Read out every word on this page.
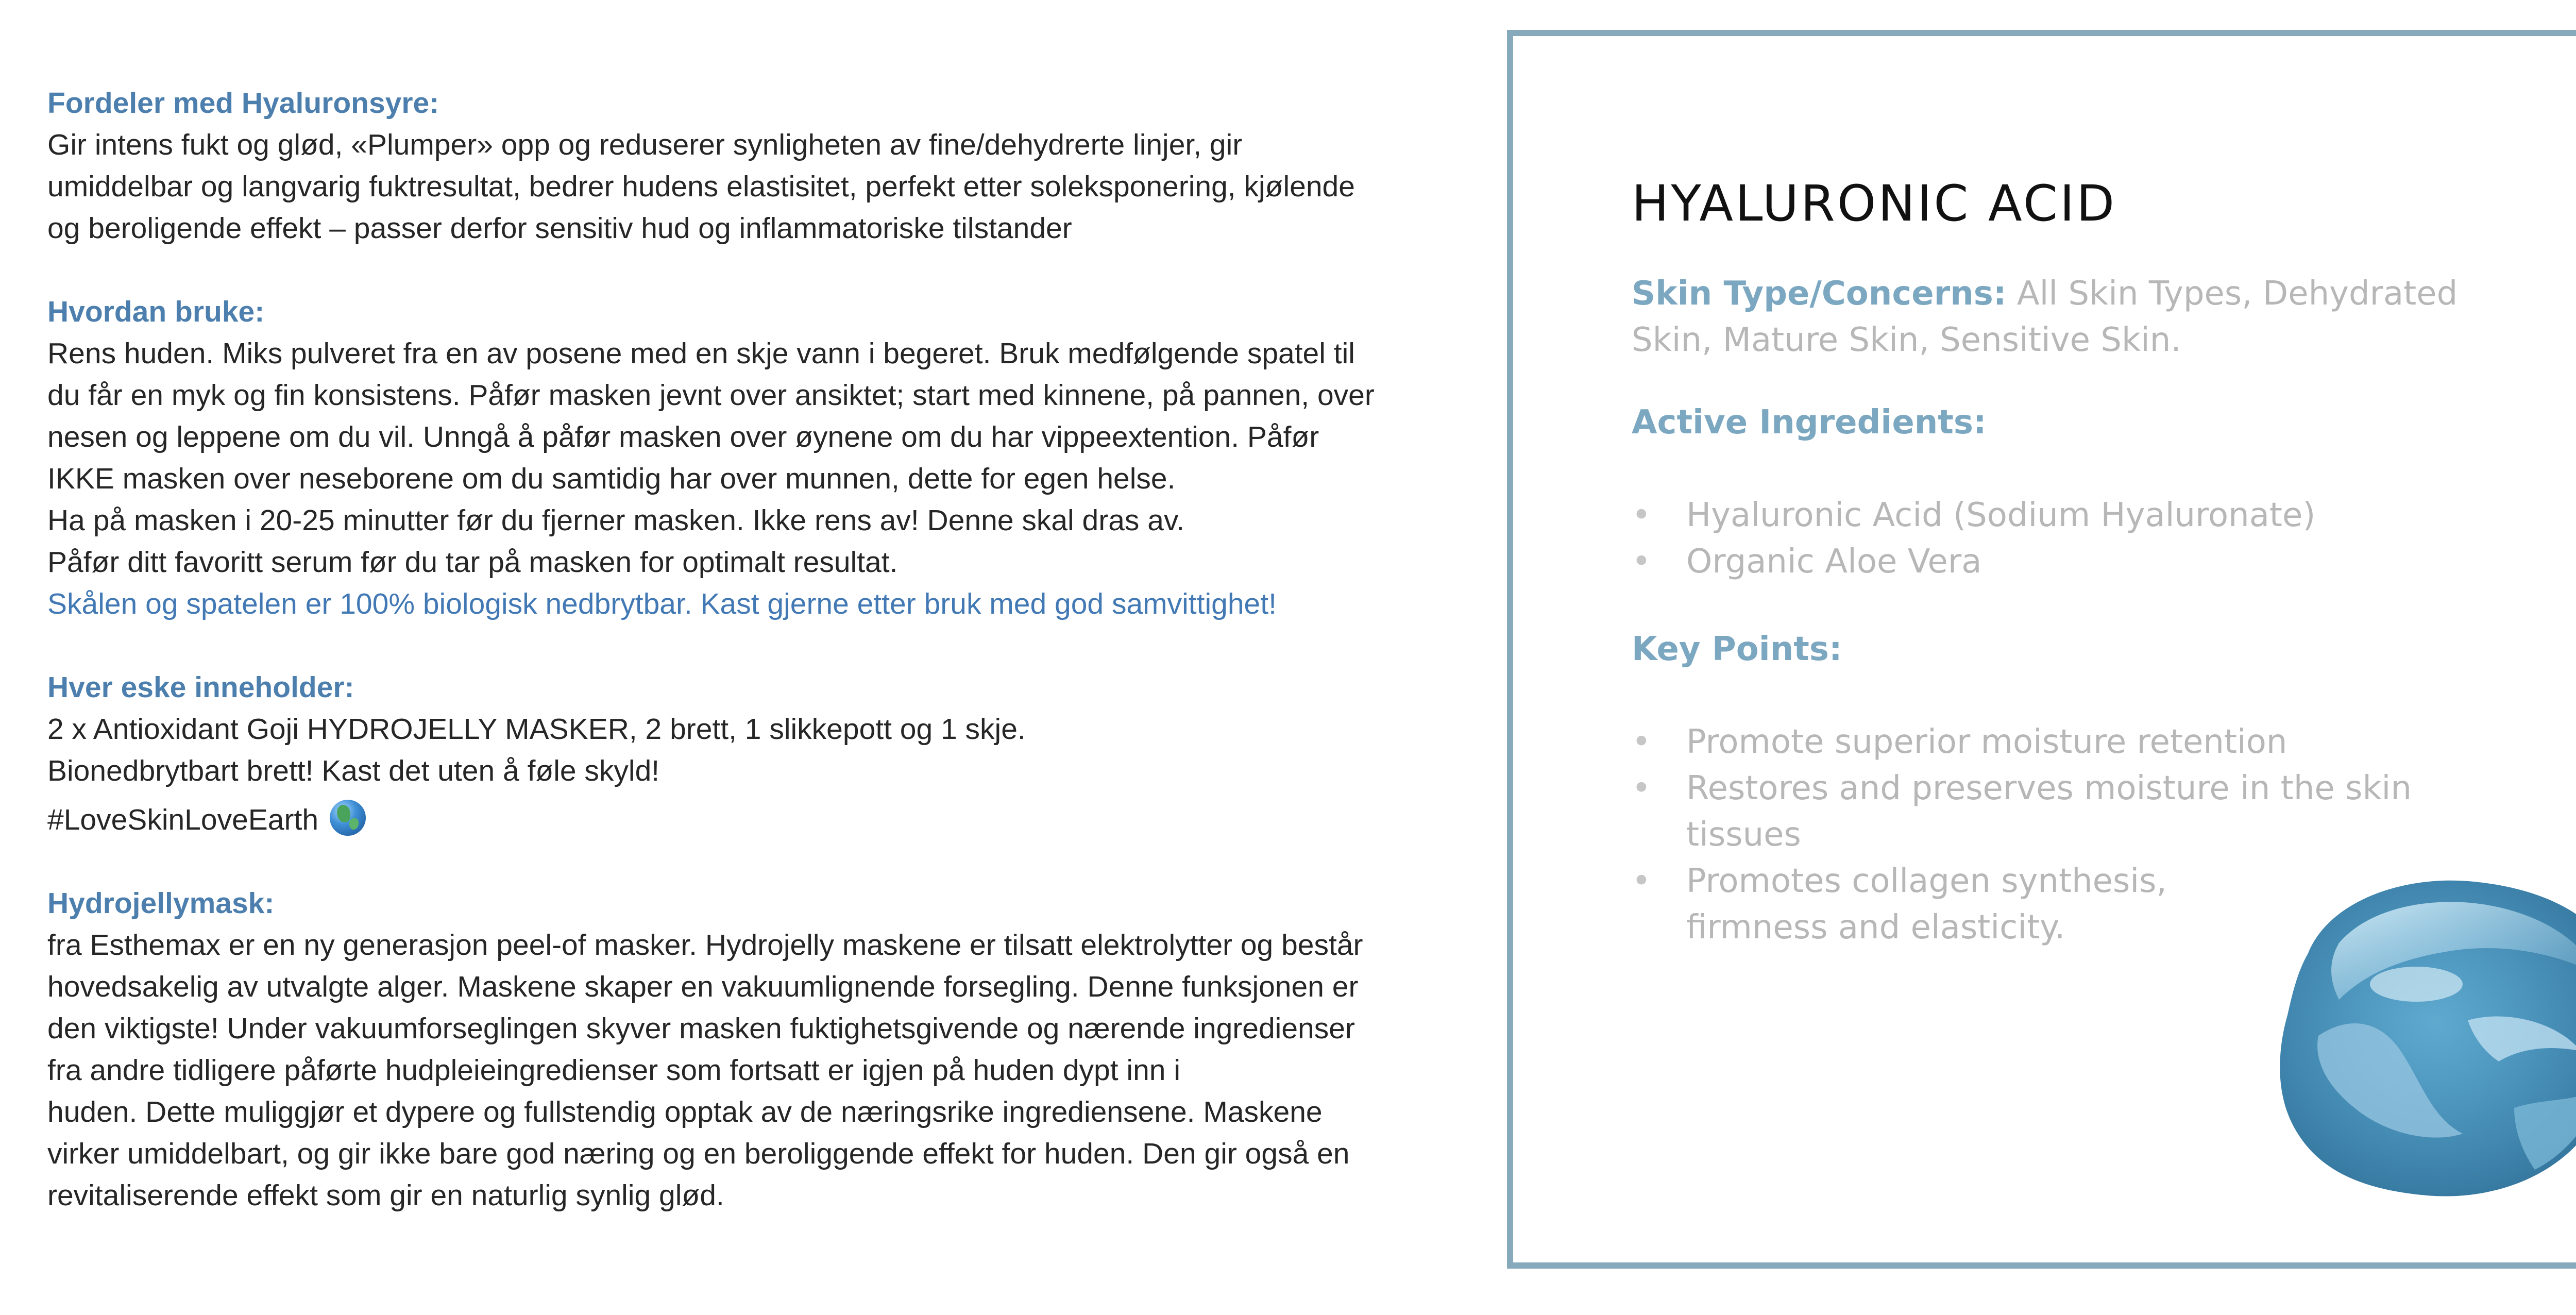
Fordeler med Hyaluronsyre:
Gir intens fukt og glød, «Plumper» opp og reduserer synligheten av fine/dehydrerte linjer, gir
umiddelbar og langvarig fuktresultat, bedrer hudens elastisitet, perfekt etter soleksponering, kjølende
og beroligende effekt – passer derfor sensitiv hud og inflammatoriske tilstander
Hvordan bruke:
Rens huden. Miks pulveret fra en av posene med en skje vann i begeret. Bruk medfølgende spatel til
du får en myk og fin konsistens. Påfør masken jevnt over ansiktet; start med kinnene, på pannen, over
nesen og leppene om du vil. Unngå å påfør masken over øynene om du har vippeextention. Påfør
IKKE masken over neseborene om du samtidig har over munnen, dette for egen helse.
Ha på masken i 20-25 minutter før du fjerner masken. Ikke rens av! Denne skal dras av.
Påfør ditt favoritt serum før du tar på masken for optimalt resultat.
Skålen og spatelen er 100% biologisk nedbrytbar. Kast gjerne etter bruk med god samvittighet!
Hver eske inneholder:
2 x Antioxidant Goji HYDROJELLY MASKER, 2 brett, 1 slikkepott og 1 skje.
Bionedbrytbart brett! Kast det uten å føle skyld!
#LoveSkinLoveEarth
Hydrojellymask:
fra Esthemax er en ny generasjon peel-of masker. Hydrojelly maskene er tilsatt elektrolytter og består
hovedsakelig av utvalgte alger. Maskene skaper en vakuumlignende forsegling. Denne funksjonen er
den viktigste! Under vakuumforseglingen skyver masken fuktighetsgivende og nærende ingredienser
fra andre tidligere påførte hudpleieingredienser som fortsatt er igjen på huden dypt inn i
huden. Dette muliggjør et dypere og fullstendig opptak av de næringsrike ingrediensene. Maskene
virker umiddelbart, og gir ikke bare god næring og en beroliggende effekt for huden. Den gir også en
revitaliserende effekt som gir en naturlig synlig glød.
HYALURONIC ACID
Skin Type/Concerns: All Skin Types, Dehydrated
Skin, Mature Skin, Sensitive Skin.
Active Ingredients:
• Hyaluronic Acid (Sodium Hyaluronate)
• Organic Aloe Vera
Key Points:
• Promote superior moisture retention
• Restores and preserves moisture in the skin
tissues
• Promotes collagen synthesis,
firmness and elasticity.
